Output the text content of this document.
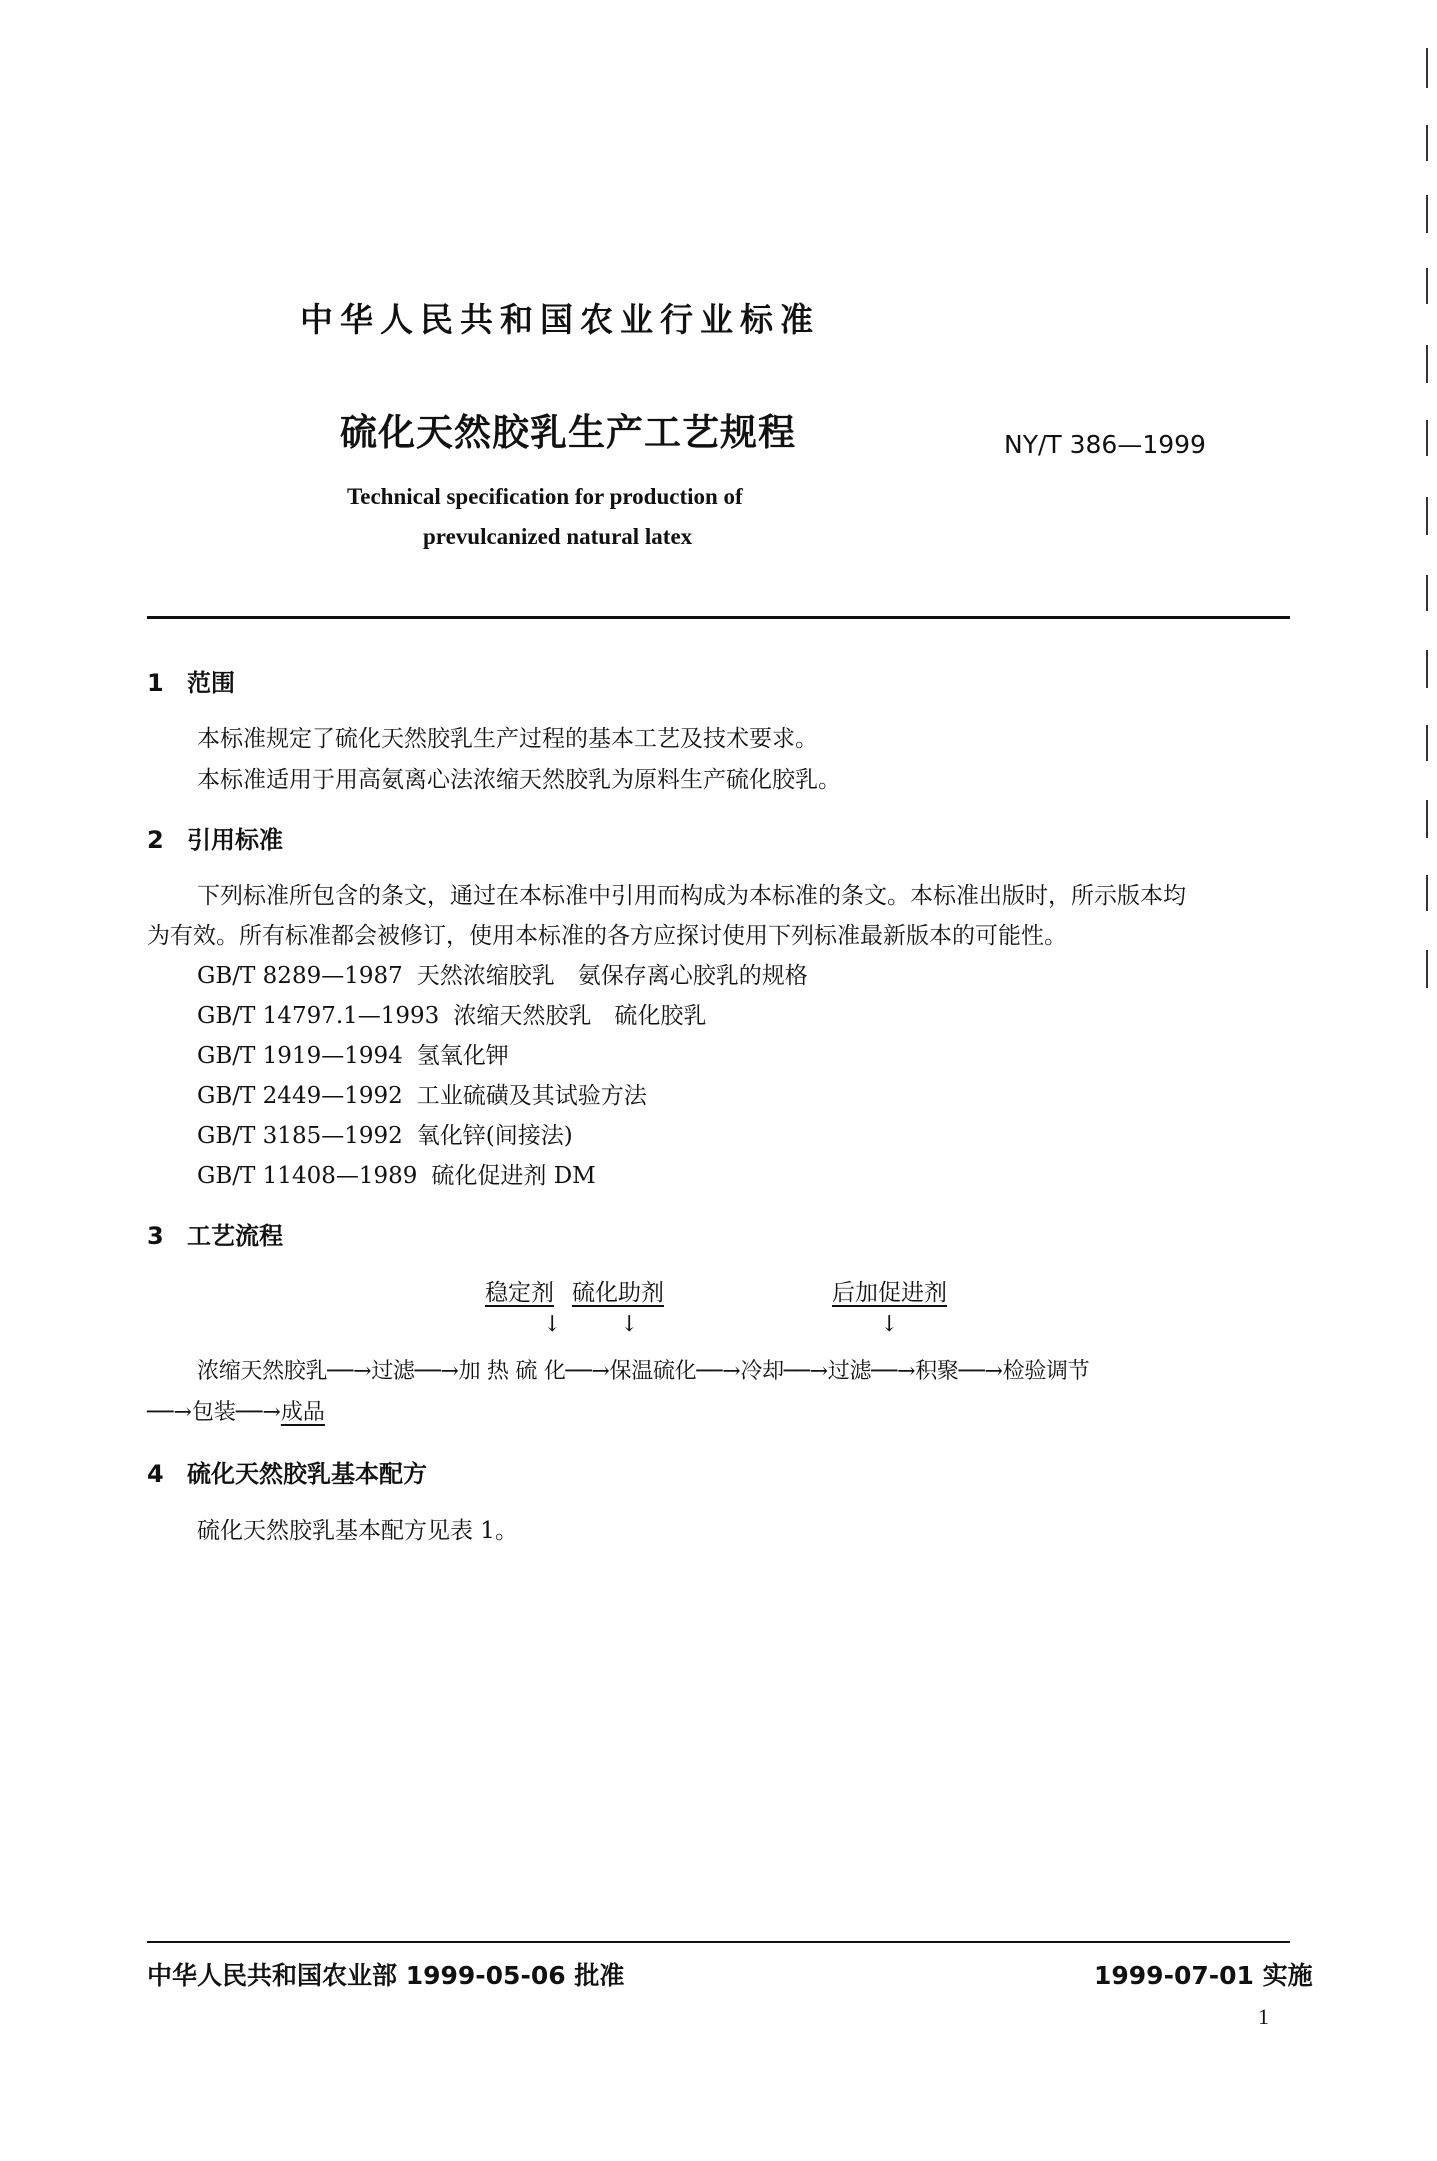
中华人民共和国农业行业标准
硫化天然胶乳生产工艺规程	NY/T 386—1999
Technical specification for production of
prevulcanized natural latex
1 范围
本标准规定了硫化天然胶乳生产过程的基本工艺及技术要求。
本标准适用于用高氨离心法浓缩天然胶乳为原料生产硫化胶乳。
2 引用标准
下列标准所包含的条文，通过在本标准中引用而构成为本标准的条文。本标准出版时，所示版本均
为有效。所有标准都会被修订，使用本标准的各方应探讨使用下列标准最新版本的可能性。
GB/T 8289—1987 天然浓缩胶乳　氨保存离心胶乳的规格
GB/T 14797.1—1993 浓缩天然胶乳　硫化胶乳
GB/T 1919—1994 氢氧化钾
GB/T 2449—1992 工业硫磺及其试验方法
GB/T 3185—1992 氧化锌(间接法)
GB/T 11408—1989 硫化促进剂 DM
3 工艺流程
稳定剂 硫化助剂	后加促进剂
↓	↓	↓
浓缩天然胶乳──→过滤──→加 热 硫 化──→保温硫化──→冷却──→过滤──→积聚──→检验调节
──→包装──→成品
4 硫化天然胶乳基本配方
硫化天然胶乳基本配方见表 1。
中华人民共和国农业部 1999-05-06 批准	1999-07-01 实施
1
